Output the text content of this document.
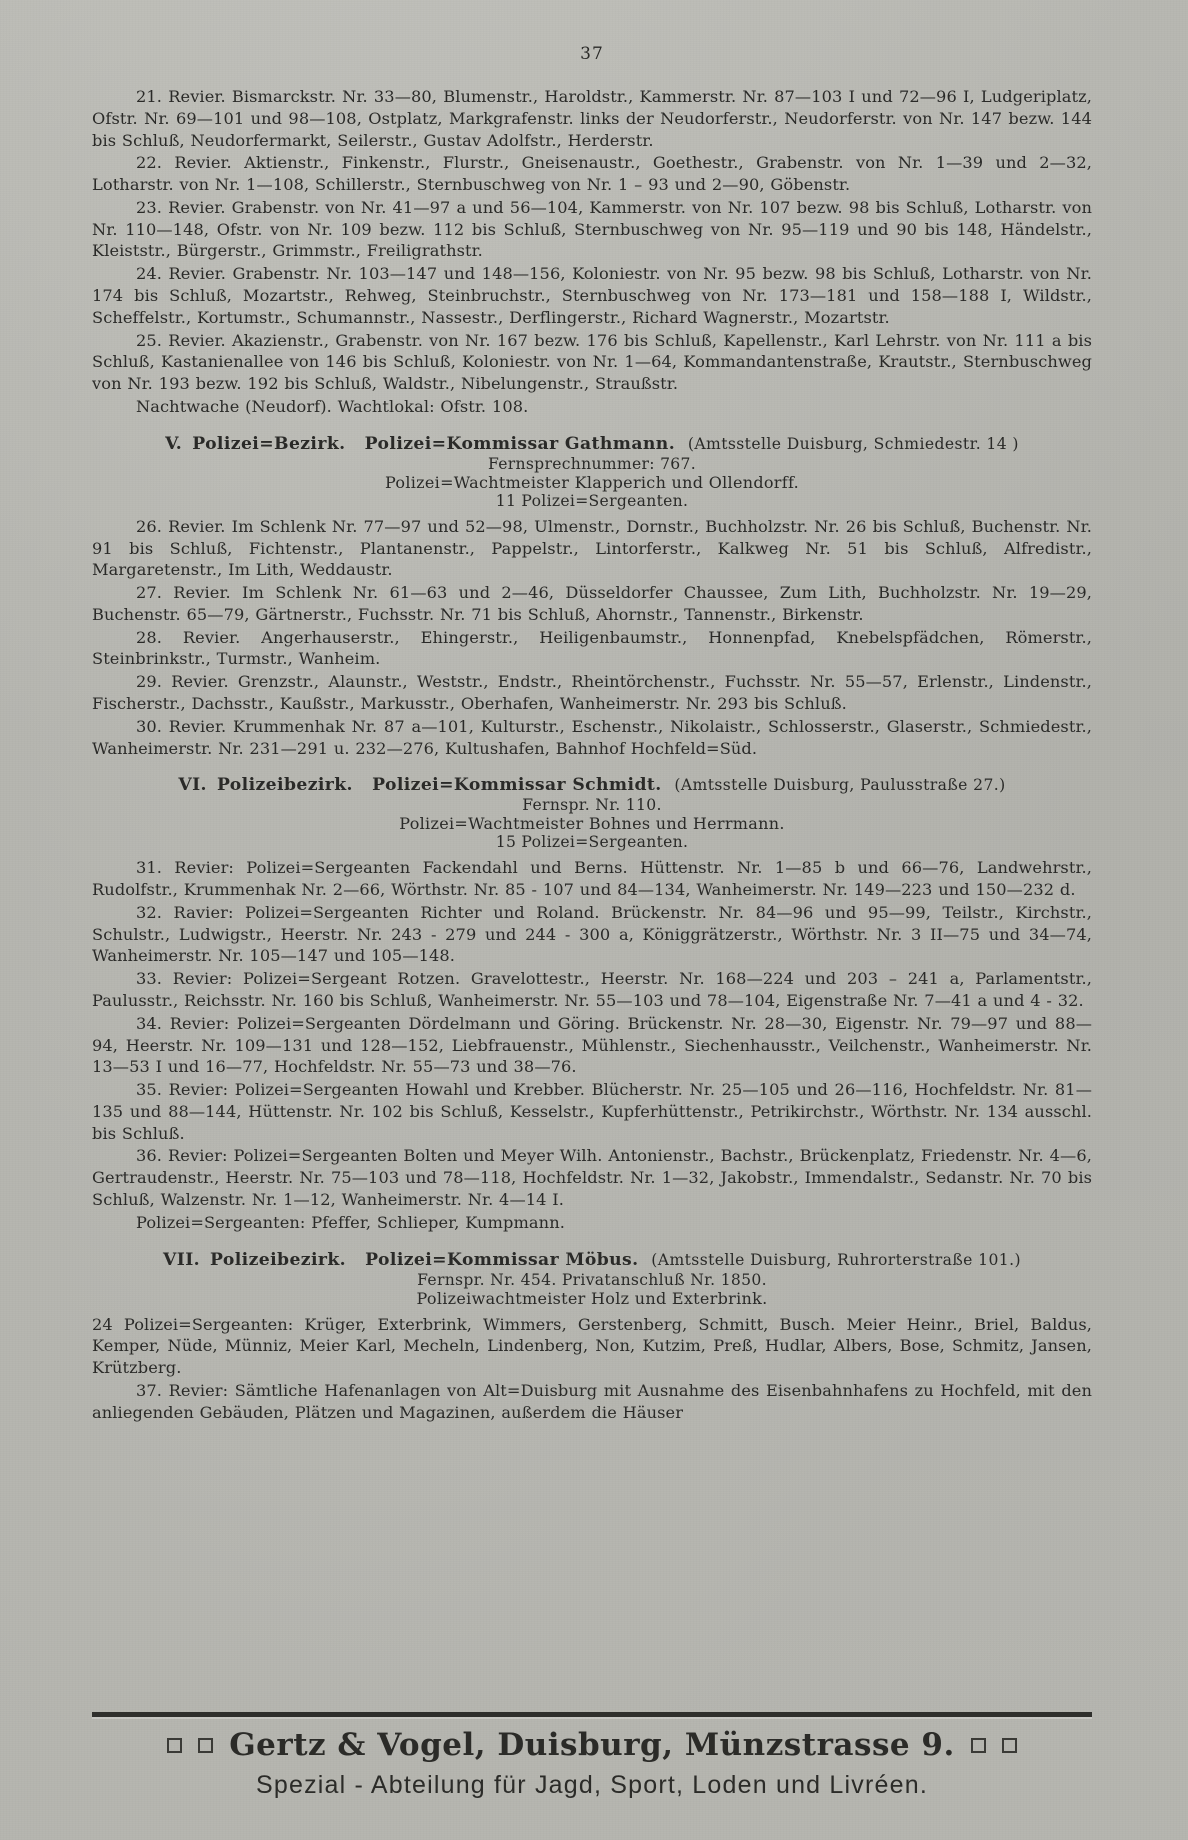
37

21. Revier. Bismarckstr. Nr. 33—80, Blumenstr., Haroldstr., Kammerstr. Nr. 87—103 I und 72—96 I, Ludgeriplatz, Ofstr. Nr. 69—101 und 98—108, Ostplatz, Markgrafenstr. links der Neudorferstr., Neudorferstr. von Nr. 147 bezw. 144 bis Schluß, Neudorfermarkt, Seilerstr., Gustav Adolfstr., Herderstr.

22. Revier. Aktienstr., Finkenstr., Flurstr., Gneisenaustr., Goethestr., Grabenstr. von Nr. 1—39 und 2—32, Lotharstr. von Nr. 1—108, Schillerstr., Sternbuschweg von Nr. 1 – 93 und 2—90, Göbenstr.

23. Revier. Grabenstr. von Nr. 41—97 a und 56—104, Kammerstr. von Nr. 107 bezw. 98 bis Schluß, Lotharstr. von Nr. 110—148, Ofstr. von Nr. 109 bezw. 112 bis Schluß, Sternbuschweg von Nr. 95—119 und 90 bis 148, Händelstr., Kleiststr., Bürgerstr., Grimmstr., Freiligrathstr.

24. Revier. Grabenstr. Nr. 103—147 und 148—156, Koloniestr. von Nr. 95 bezw. 98 bis Schluß, Lotharstr. von Nr. 174 bis Schluß, Mozartstr., Rehweg, Steinbruchstr., Sternbuschweg von Nr. 173—181 und 158—188 I, Wildstr., Scheffelstr., Kortumstr., Schumannstr., Nassestr., Derflingerstr., Richard Wagnerstr., Mozartstr.

25. Revier. Akazienstr., Grabenstr. von Nr. 167 bezw. 176 bis Schluß, Kapellenstr., Karl Lehrstr. von Nr. 111 a bis Schluß, Kastanienallee von 146 bis Schluß, Koloniestr. von Nr. 1—64, Kommandantenstraße, Krautstr., Sternbuschweg von Nr. 193 bezw. 192 bis Schluß, Waldstr., Nibelungenstr., Straußstr.

Nachtwache (Neudorf). Wachtlokal: Ofstr. 108.

V. Polizei=Bezirk. Polizei=Kommissar Gathmann. (Amtsstelle Duisburg, Schmiedestr. 14 )
Fernsprechnummer: 767.
Polizei=Wachtmeister Klapperich und Ollendorff.
11 Polizei=Sergeanten.

26. Revier. Im Schlenk Nr. 77—97 und 52—98, Ulmenstr., Dornstr., Buchholzstr. Nr. 26 bis Schluß, Buchenstr. Nr. 91 bis Schluß, Fichtenstr., Plantanenstr., Pappelstr., Lintorferstr., Kalkweg Nr. 51 bis Schluß, Alfredistr., Margaretenstr., Im Lith, Weddaustr.

27. Revier. Im Schlenk Nr. 61—63 und 2—46, Düsseldorfer Chaussee, Zum Lith, Buchholzstr. Nr. 19—29, Buchenstr. 65—79, Gärtnerstr., Fuchsstr. Nr. 71 bis Schluß, Ahornstr., Tannenstr., Birkenstr.

28. Revier. Angerhauserstr., Ehingerstr., Heiligenbaumstr., Honnenpfad, Knebelspfädchen, Römerstr., Steinbrinkstr., Turmstr., Wanheim.

29. Revier. Grenzstr., Alaunstr., Weststr., Endstr., Rheintörchenstr., Fuchsstr. Nr. 55—57, Erlenstr., Lindenstr., Fischerstr., Dachsstr., Kaußstr., Markusstr., Oberhafen, Wanheimerstr. Nr. 293 bis Schluß.

30. Revier. Krummenhak Nr. 87 a—101, Kulturstr., Eschenstr., Nikolaistr., Schlosserstr., Glaserstr., Schmiedestr., Wanheimerstr. Nr. 231—291 u. 232—276, Kultushafen, Bahnhof Hochfeld=Süd.

VI. Polizeibezirk. Polizei=Kommissar Schmidt. (Amtsstelle Duisburg, Paulusstraße 27.)
Fernspr. Nr. 110.
Polizei=Wachtmeister Bohnes und Herrmann.
15 Polizei=Sergeanten.

31. Revier: Polizei=Sergeanten Fackendahl und Berns. Hüttenstr. Nr. 1—85 b und 66—76, Landwehrstr., Rudolfstr., Krummenhak Nr. 2—66, Wörthstr. Nr. 85 - 107 und 84—134, Wanheimerstr. Nr. 149—223 und 150—232 d.

32. Ravier: Polizei=Sergeanten Richter und Roland. Brückenstr. Nr. 84—96 und 95—99, Teilstr., Kirchstr., Schulstr., Ludwigstr., Heerstr. Nr. 243 - 279 und 244 - 300 a, Königgrätzerstr., Wörthstr. Nr. 3 II—75 und 34—74, Wanheimerstr. Nr. 105—147 und 105—148.

33. Revier: Polizei=Sergeant Rotzen. Gravelottestr., Heerstr. Nr. 168—224 und 203 – 241 a, Parlamentstr., Paulusstr., Reichsstr. Nr. 160 bis Schluß, Wanheimerstr. Nr. 55—103 und 78—104, Eigenstraße Nr. 7—41 a und 4 - 32.

34. Revier: Polizei=Sergeanten Dördelmann und Göring. Brückenstr. Nr. 28—30, Eigenstr. Nr. 79—97 und 88—94, Heerstr. Nr. 109—131 und 128—152, Liebfrauenstr., Mühlenstr., Siechenhausstr., Veilchenstr., Wanheimerstr. Nr. 13—53 I und 16—77, Hochfeldstr. Nr. 55—73 und 38—76.

35. Revier: Polizei=Sergeanten Howahl und Krebber. Blücherstr. Nr. 25—105 und 26—116, Hochfeldstr. Nr. 81—135 und 88—144, Hüttenstr. Nr. 102 bis Schluß, Kesselstr., Kupferhüttenstr., Petrikirchstr., Wörthstr. Nr. 134 ausschl. bis Schluß.

36. Revier: Polizei=Sergeanten Bolten und Meyer Wilh. Antonienstr., Bachstr., Brückenplatz, Friedenstr. Nr. 4—6, Gertraudenstr., Heerstr. Nr. 75—103 und 78—118, Hochfeldstr. Nr. 1—32, Jakobstr., Immendalstr., Sedanstr. Nr. 70 bis Schluß, Walzenstr. Nr. 1—12, Wanheimerstr. Nr. 4—14 I.

Polizei=Sergeanten: Pfeffer, Schlieper, Kumpmann.

VII. Polizeibezirk. Polizei=Kommissar Möbus. (Amtsstelle Duisburg, Ruhrorterstraße 101.)
Fernspr. Nr. 454. Privatanschluß Nr. 1850.
Polizeiwachtmeister Holz und Exterbrink.

24 Polizei=Sergeanten: Krüger, Exterbrink, Wimmers, Gerstenberg, Schmitt, Busch. Meier Heinr., Briel, Baldus, Kemper, Nüde, Münniz, Meier Karl, Mecheln, Lindenberg, Non, Kutzim, Preß, Hudlar, Albers, Bose, Schmitz, Jansen, Krützberg.

37. Revier: Sämtliche Hafenanlagen von Alt=Duisburg mit Ausnahme des Eisenbahnhafens zu Hochfeld, mit den anliegenden Gebäuden, Plätzen und Magazinen, außerdem die Häuser

Gertz & Vogel, Duisburg, Münzstrasse 9.
Spezial - Abteilung für Jagd, Sport, Loden und Livréen.
